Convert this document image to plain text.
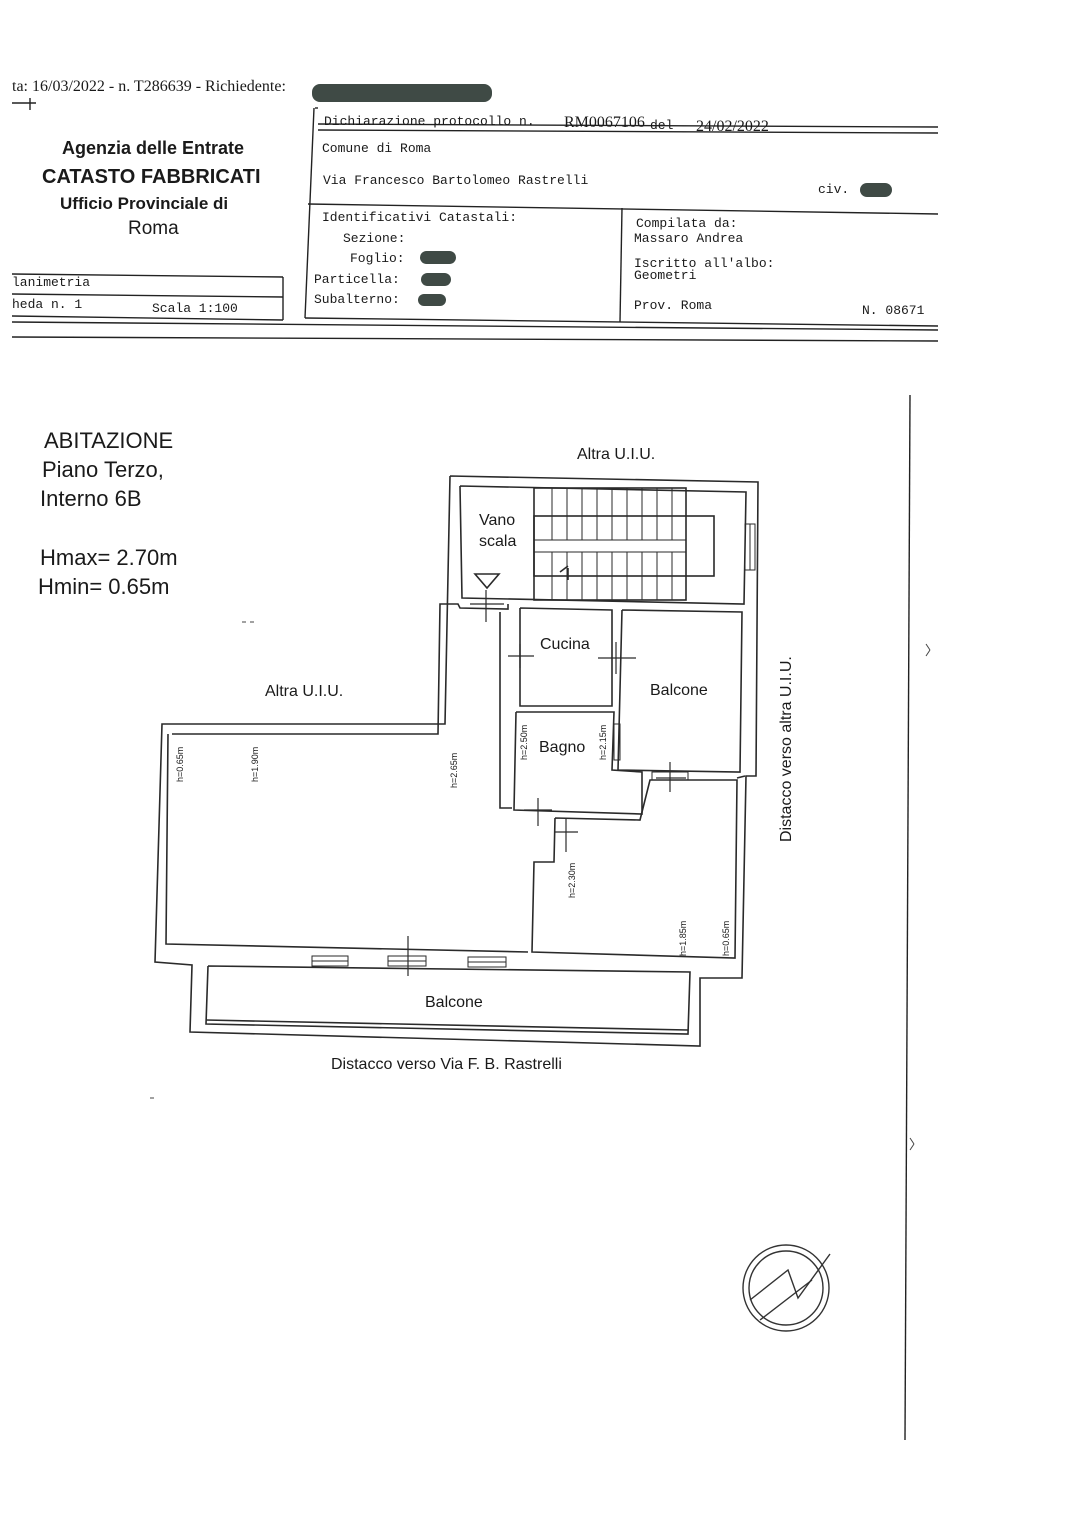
ta: 16/03/2022 - n. T286639 - Richiedente:
Agenzia delle Entrate
CATASTO FABBRICATI
Ufficio Provinciale di
Roma
lanimetria
heda n. 1	Scala 1:100
Dichiarazione protocollo n. RM0067106 del 24/02/2022
Comune di Roma
Via Francesco Bartolomeo Rastrelli
civ.
Identificativi Catastali:
Sezione:
Foglio:
Particella:
Subalterno:
Compilata da:
Massaro Andrea
Iscritto all'albo:
Geometri
Prov. Roma	N. 08671
ABITAZIONE
Piano Terzo,
Interno 6B
Hmax= 2.70m
Hmin= 0.65m
Altra U.I.U.
Altra U.I.U.	Distacco verso altra U.I.U.
Distacco verso Via F. B. Rastrelli
Vano
scala
Cucina
Balcone
Bagno
Balcone
h=0.65m	h=1.90m	h=2.65m
h=2.50m	h=2.15m
h=2.30m
h=1.85m	h=0.65m
